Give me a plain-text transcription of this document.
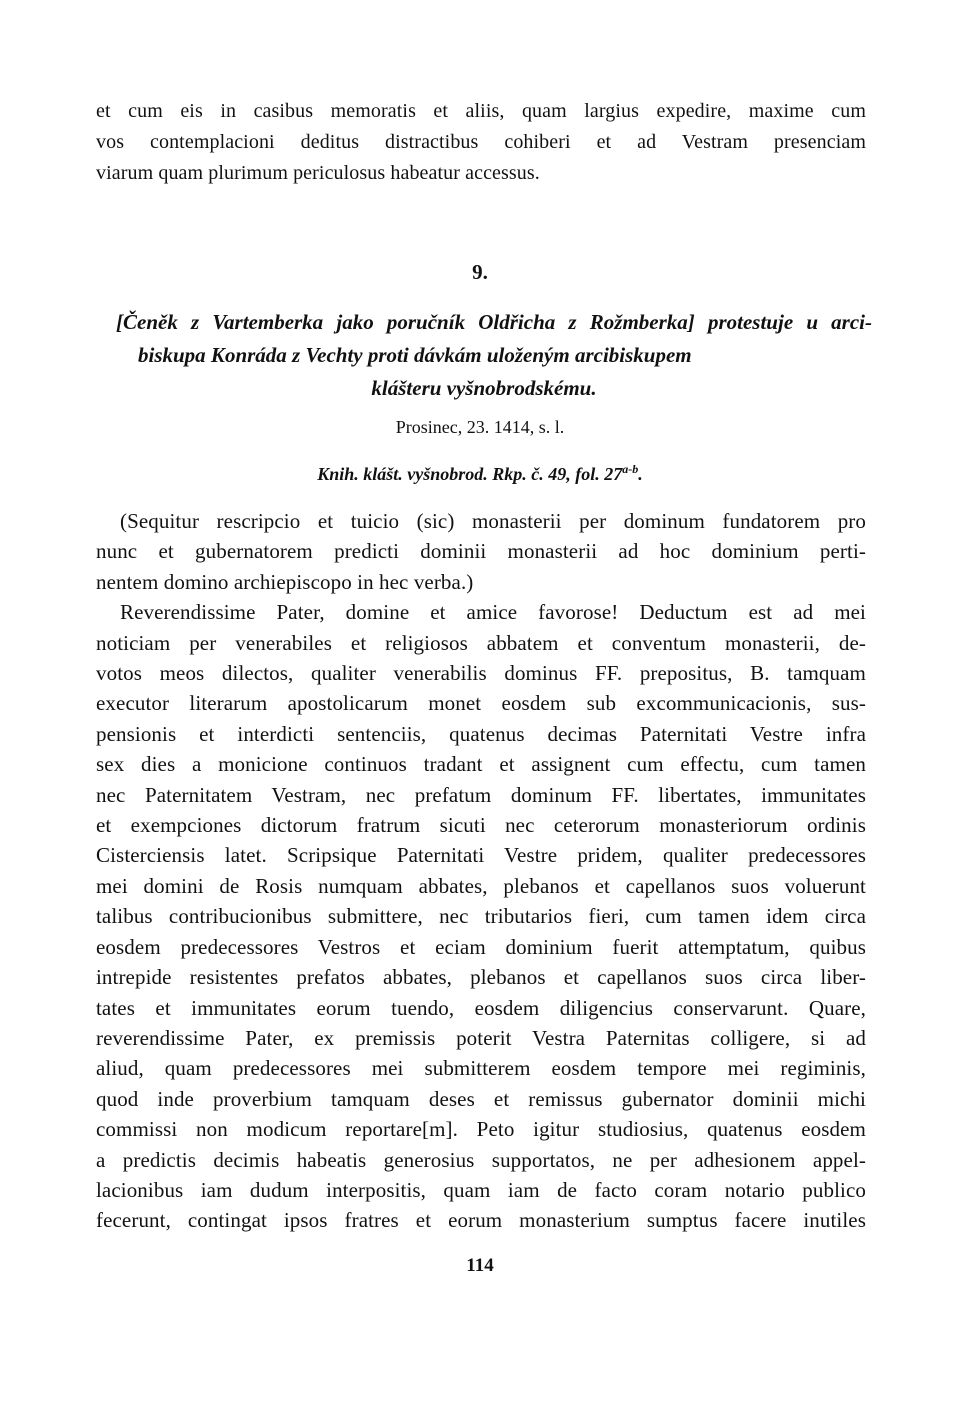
et cum eis in casibus memoratis et aliis, quam largius expedire, maxime cum
vos contemplacioni deditus distractibus cohiberi et ad Vestram presenciam
viarum quam plurimum periculosus habeatur accessus.
9.
[Čeněk z Vartemberka jako poručník Oldřicha z Rožmberka] protestuje u arci-
biskupa Konráda z Vechty proti dávkám uloženým arcibiskupem
klášteru vyšnobrodskému.
Prosinec, 23. 1414, s. l.
Knih. klášt. vyšnobrod. Rkp. č. 49, fol. 27$^{a-b}$.
(Sequitur rescripcio et tuicio (sic) monasterii per dominum fundatorem pro
nunc et gubernatorem predicti dominii monasterii ad hoc dominium perti-
nentem domino archiepiscopo in hec verba.)
Reverendissime Pater, domine et amice favorose! Deductum est ad mei
noticiam per venerabiles et religiosos abbatem et conventum monasterii, de-
votos meos dilectos, qualiter venerabilis dominus FF. prepositus, B. tamquam
executor literarum apostolicarum monet eosdem sub excommunicacionis, sus-
pensionis et interdicti sentenciis, quatenus decimas Paternitati Vestre infra
sex dies a monicione continuos tradant et assignent cum effectu, cum tamen
nec Paternitatem Vestram, nec prefatum dominum FF. libertates, immunitates
et exempciones dictorum fratrum sicuti nec ceterorum monasteriorum ordinis
Cisterciensis latet. Scripsique Paternitati Vestre pridem, qualiter predecessores
mei domini de Rosis numquam abbates, plebanos et capellanos suos voluerunt
talibus contribucionibus submittere, nec tributarios fieri, cum tamen idem circa
eosdem predecessores Vestros et eciam dominium fuerit attemptatum, quibus
intrepide resistentes prefatos abbates, plebanos et capellanos suos circa liber-
tates et immunitates eorum tuendo, eosdem diligencius conservarunt. Quare,
reverendissime Pater, ex premissis poterit Vestra Paternitas colligere, si ad
aliud, quam predecessores mei submitterem eosdem tempore mei regiminis,
quod inde proverbium tamquam deses et remissus gubernator dominii michi
commissi non modicum reportare[m]. Peto igitur studiosius, quatenus eosdem
a predictis decimis habeatis generosius supportatos, ne per adhesionem appel-
lacionibus iam dudum interpositis, quam iam de facto coram notario publico
fecerunt, contingat ipsos fratres et eorum monasterium sumptus facere inutiles
114
